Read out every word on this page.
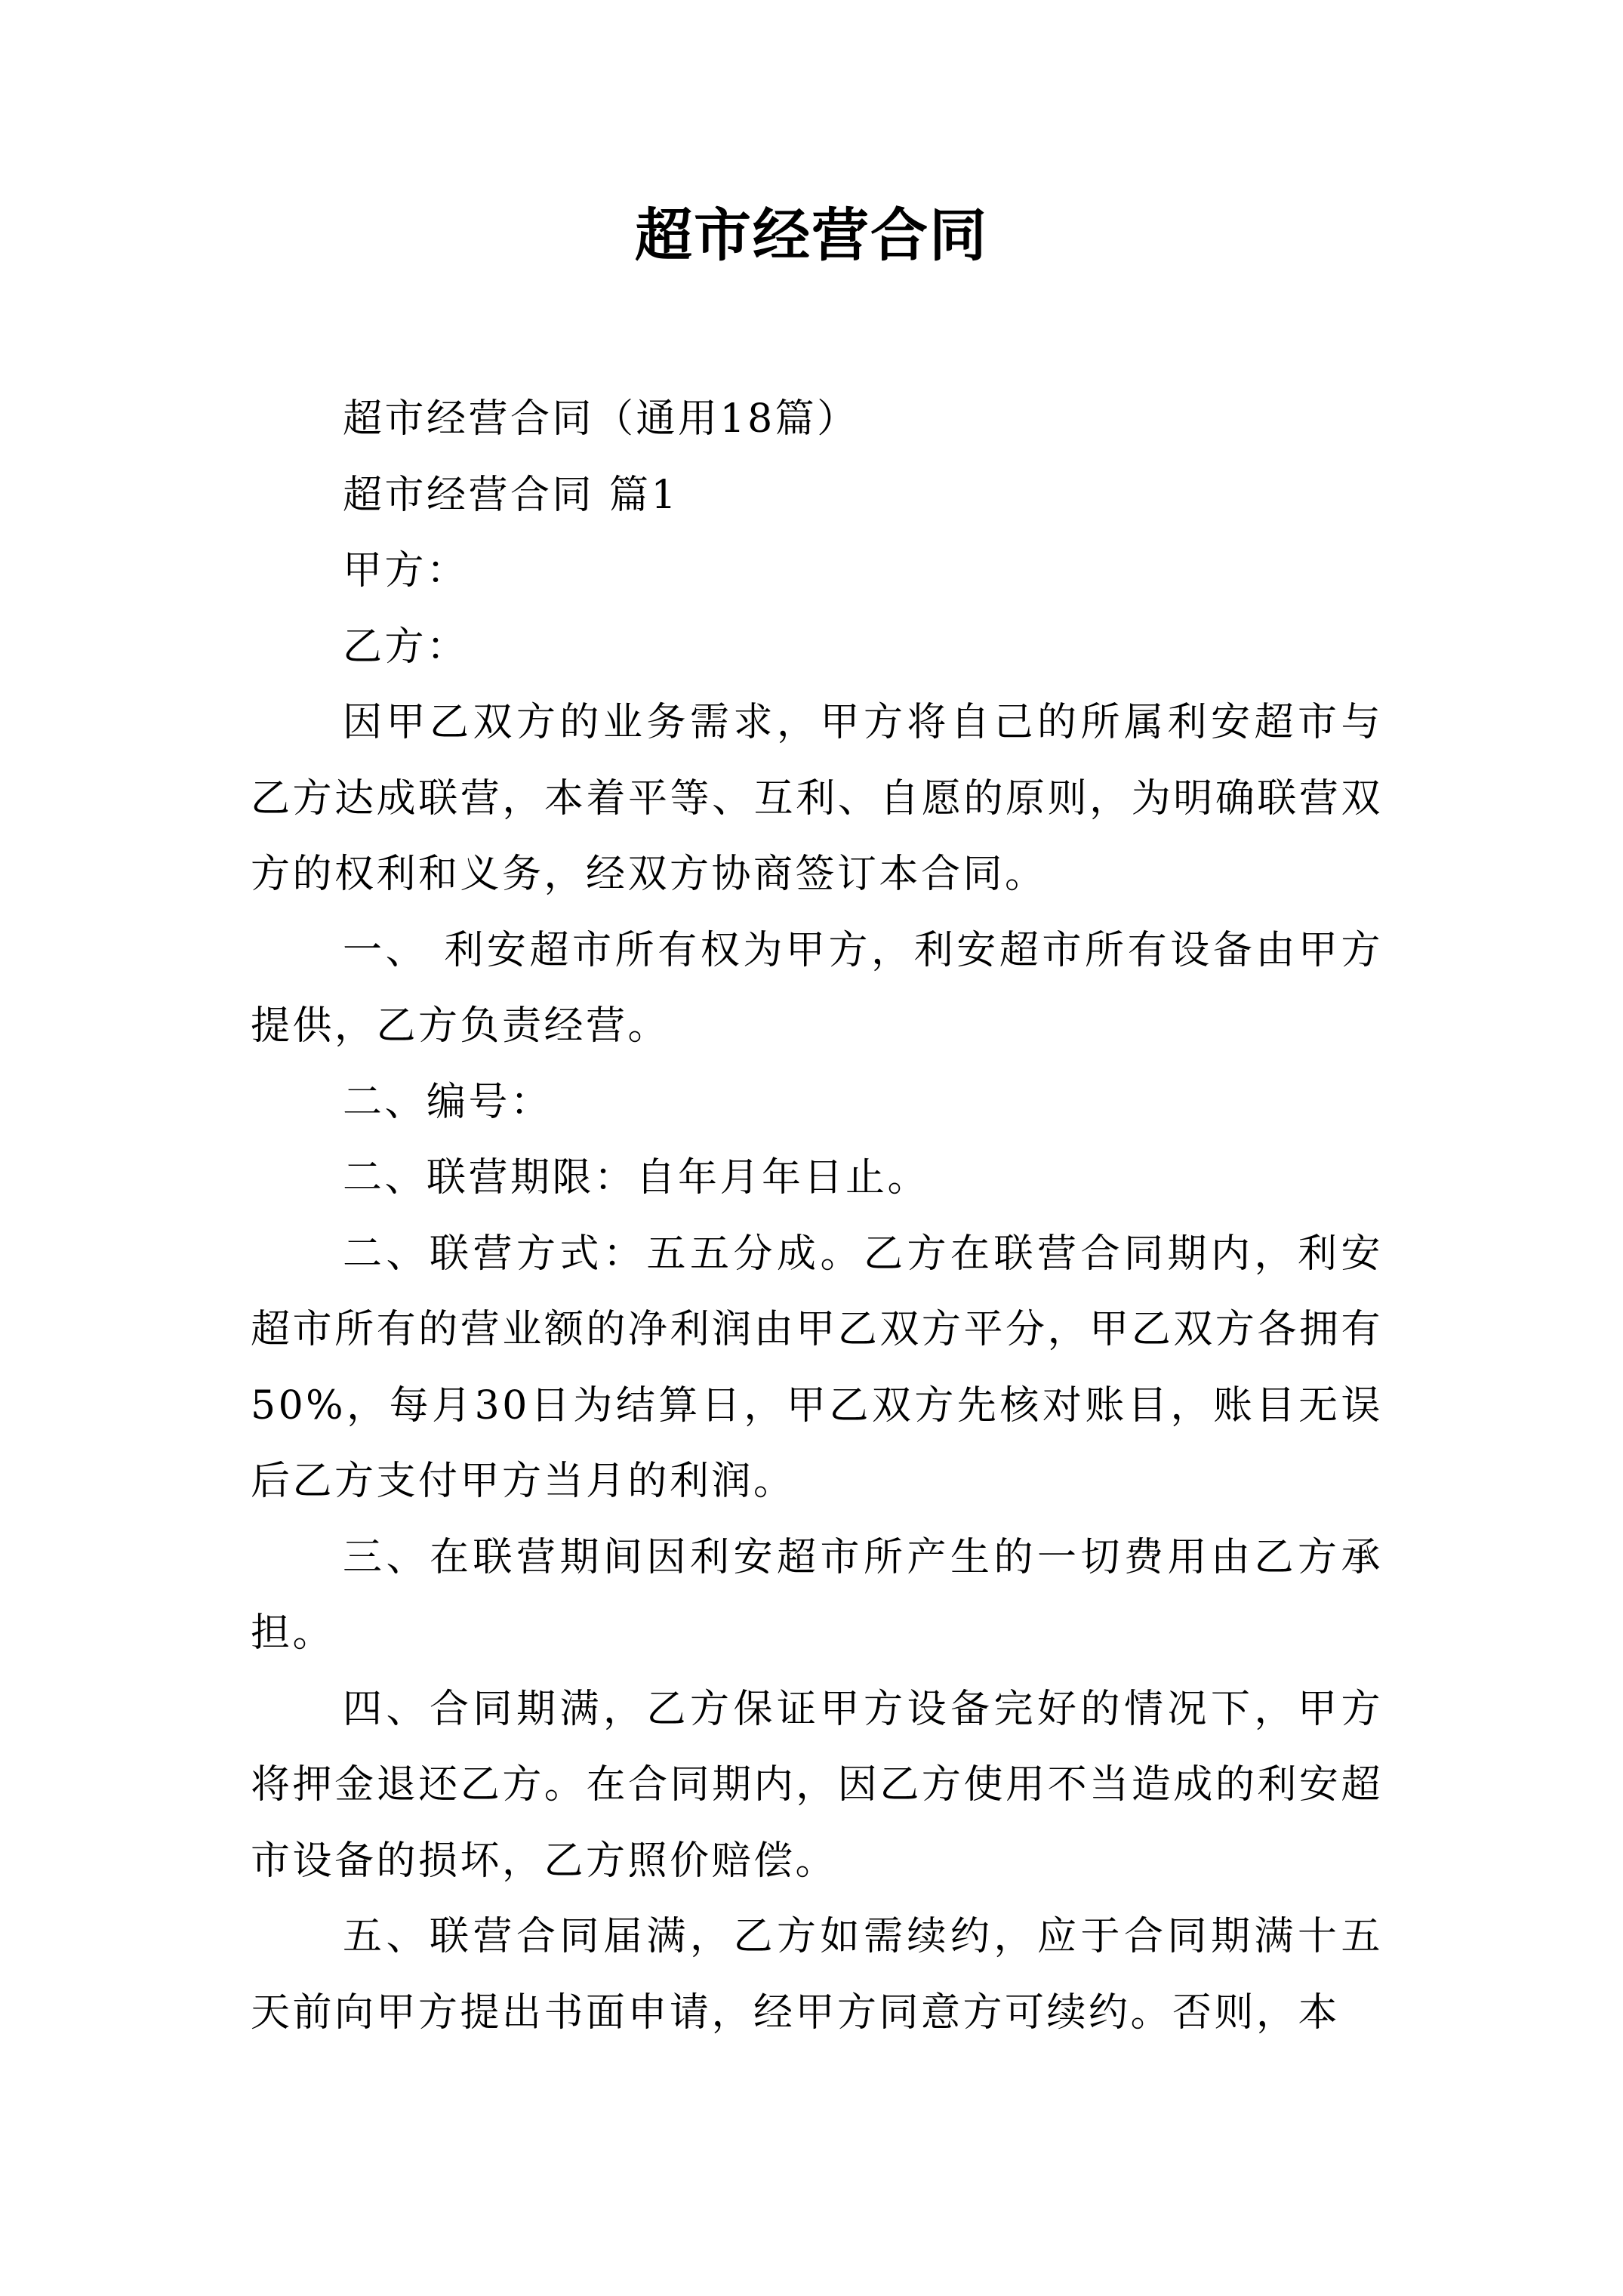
超市经营合同

超市经营合同（通用18篇）

超市经营合同 篇1

甲方：

乙方：

因甲乙双方的业务需求，甲方将自己的所属利安超市与乙方达成联营，本着平等、互利、自愿的原则，为明确联营双方的权利和义务，经双方协商签订本合同。

一、 利安超市所有权为甲方，利安超市所有设备由甲方提供，乙方负责经营。

二、编号：

二、联营期限：自年月年日止。

二、联营方式：五五分成。乙方在联营合同期内，利安超市所有的营业额的净利润由甲乙双方平分，甲乙双方各拥有50%，每月30日为结算日，甲乙双方先核对账目，账目无误后乙方支付甲方当月的利润。

三、在联营期间因利安超市所产生的一切费用由乙方承担。

四、合同期满，乙方保证甲方设备完好的情况下，甲方将押金退还乙方。在合同期内，因乙方使用不当造成的利安超市设备的损坏，乙方照价赔偿。

五、联营合同届满，乙方如需续约，应于合同期满十五天前向甲方提出书面申请，经甲方同意方可续约。否则，本
